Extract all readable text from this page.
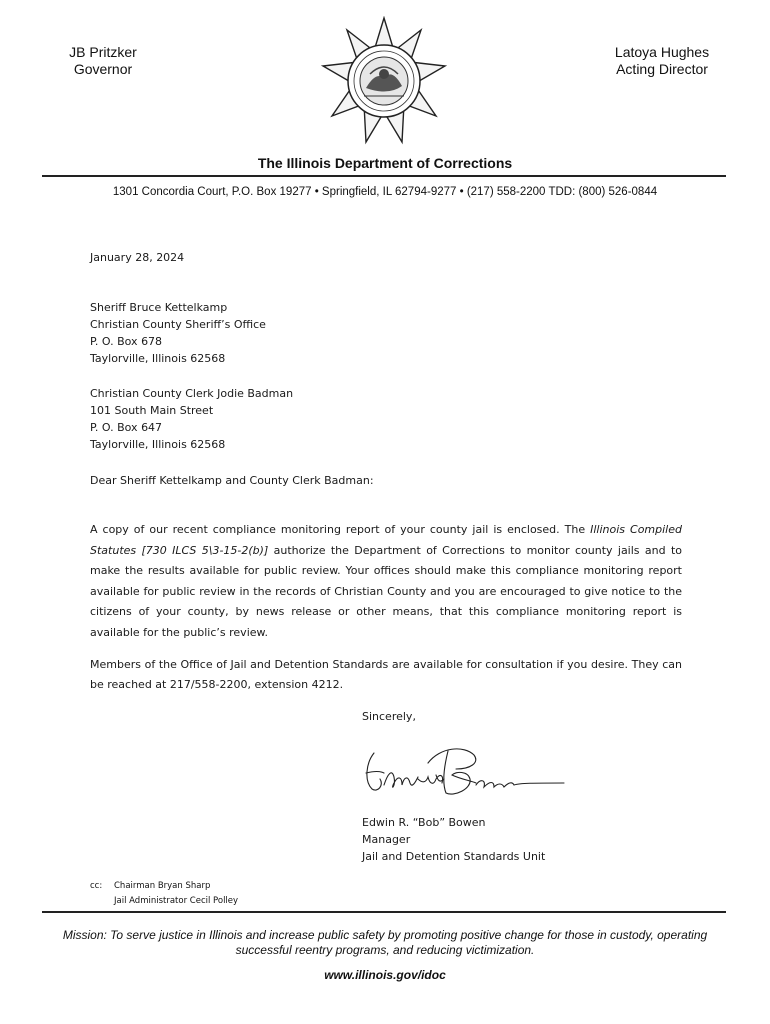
JB Pritzker
Governor
Latoya Hughes
Acting Director
The Illinois Department of Corrections
1301 Concordia Court, P.O. Box 19277 • Springfield, IL 62794-9277 • (217) 558-2200 TDD: (800) 526-0844
January 28, 2024
Sheriff Bruce Kettelkamp
Christian County Sheriff’s Office
P. O. Box 678
Taylorville, Illinois 62568
Christian County Clerk Jodie Badman
101 South Main Street
P. O. Box 647
Taylorville, Illinois 62568
Dear Sheriff Kettelkamp and County Clerk Badman:
A copy of our recent compliance monitoring report of your county jail is enclosed. The Illinois Compiled Statutes [730 ILCS 5\3-15-2(b)] authorize the Department of Corrections to monitor county jails and to make the results available for public review. Your offices should make this compliance monitoring report available for public review in the records of Christian County and you are encouraged to give notice to the citizens of your county, by news release or other means, that this compliance monitoring report is available for the public’s review.
Members of the Office of Jail and Detention Standards are available for consultation if you desire. They can be reached at 217/558-2200, extension 4212.
Sincerely,
Edwin R. “Bob” Bowen
Manager
Jail and Detention Standards Unit
cc: Chairman Bryan Sharp
Jail Administrator Cecil Polley
Mission: To serve justice in Illinois and increase public safety by promoting positive change for those in custody, operating successful reentry programs, and reducing victimization.
www.illinois.gov/idoc
